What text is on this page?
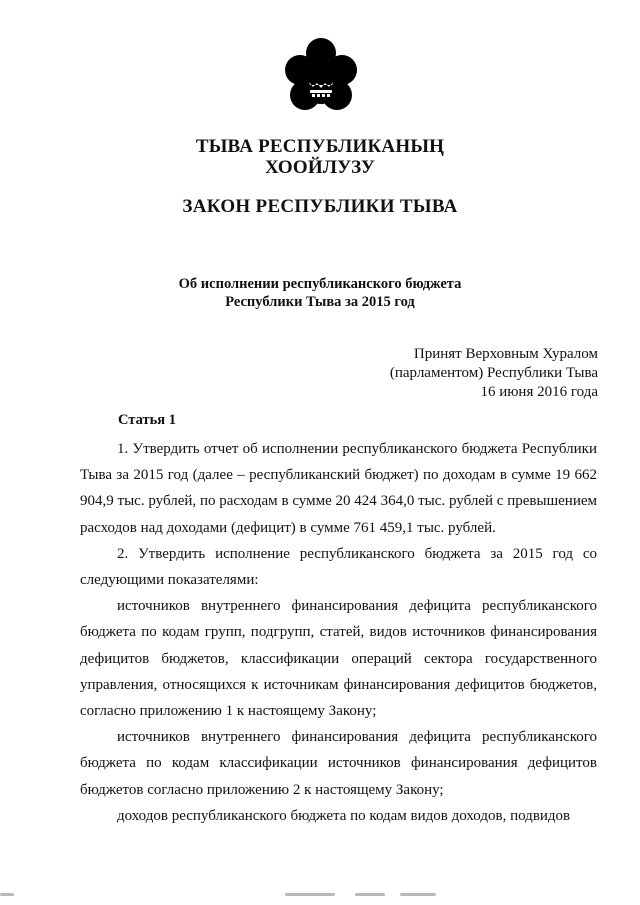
ТЫВА РЕСПУБЛИКАНЫҢ
ХООЙЛУЗУ
ЗАКОН РЕСПУБЛИКИ ТЫВА
Об исполнении республиканского бюджета
Республики Тыва за 2015 год
Принят Верховным Хуралом
(парламентом) Республики Тыва
16 июня 2016 года
Статья 1

1. Утвердить отчет об исполнении республиканского бюджета Республики Тыва за 2015 год (далее – республиканский бюджет) по доходам в сумме 19 662 904,9 тыс. рублей, по расходам в сумме 20 424 364,0 тыс. рублей с превышением расходов над доходами (дефицит) в сумме 761 459,1 тыс. рублей.

2. Утвердить исполнение республиканского бюджета за 2015 год со следующими показателями:

источников внутреннего финансирования дефицита республиканского бюджета по кодам групп, подгрупп, статей, видов источников финансирования дефицитов бюджетов, классификации операций сектора государственного управления, относящихся к источникам финансирования дефицитов бюджетов, согласно приложению 1 к настоящему Закону;

источников внутреннего финансирования дефицита республиканского бюджета по кодам классификации источников финансирования дефицитов бюджетов согласно приложению 2 к настоящему Закону;

доходов республиканского бюджета по кодам видов доходов, подвидов
